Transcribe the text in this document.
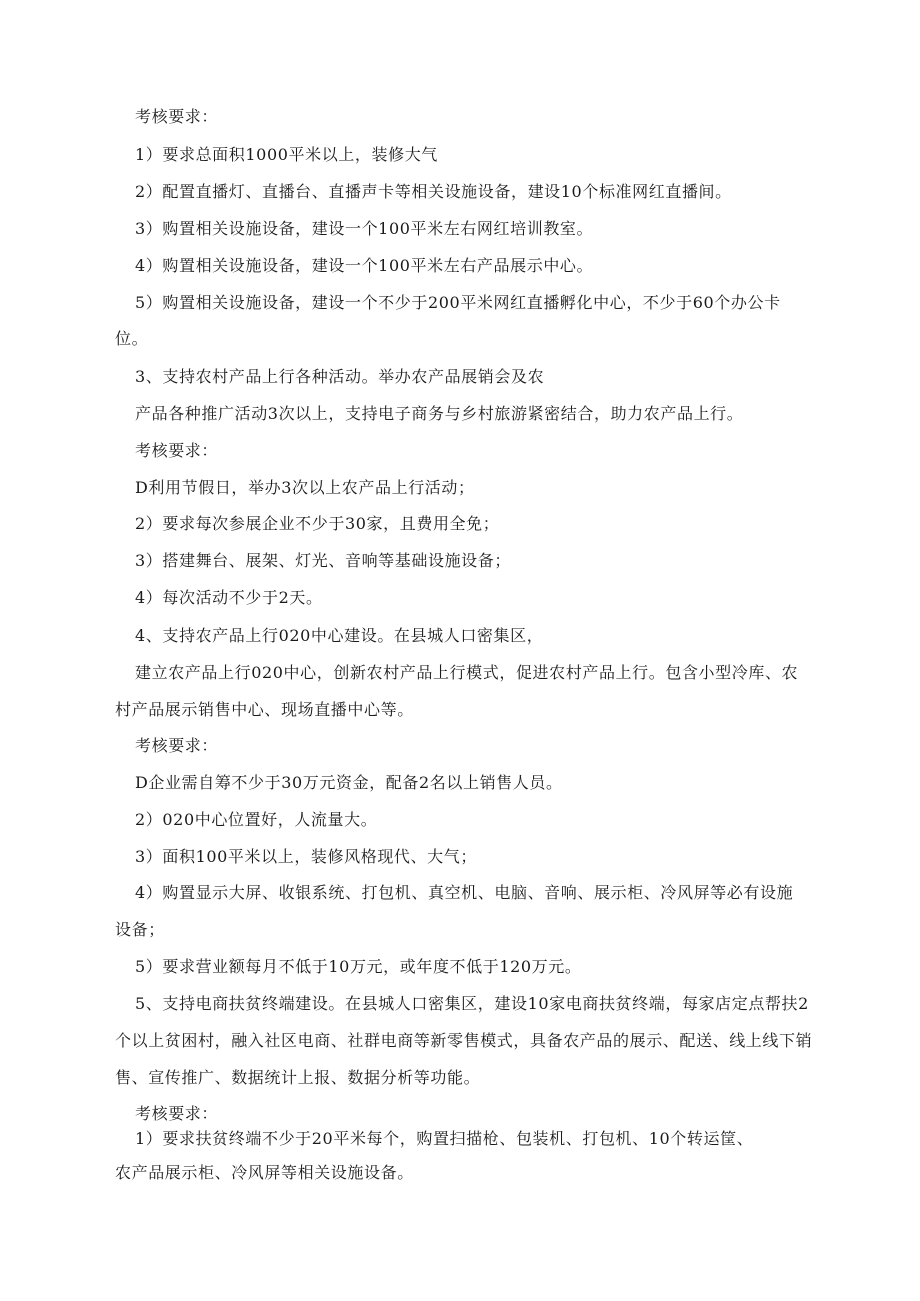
考核要求：
1）要求总面积1000平米以上，装修大气
2）配置直播灯、直播台、直播声卡等相关设施设备，建设10个标准网红直播间。
3）购置相关设施设备，建设一个100平米左右网红培训教室。
4）购置相关设施设备，建设一个100平米左右产品展示中心。
5）购置相关设施设备，建设一个不少于200平米网红直播孵化中心，不少于60个办公卡
位。
3、支持农村产品上行各种活动。举办农产品展销会及农
产品各种推广活动3次以上，支持电子商务与乡村旅游紧密结合，助力农产品上行。
考核要求：
D利用节假日，举办3次以上农产品上行活动；
2）要求每次参展企业不少于30家，且费用全免；
3）搭建舞台、展架、灯光、音响等基础设施设备；
4）每次活动不少于2天。
4、支持农产品上行020中心建设。在县城人口密集区，
建立农产品上行020中心，创新农村产品上行模式，促进农村产品上行。包含小型冷库、农
村产品展示销售中心、现场直播中心等。
考核要求：
D企业需自筹不少于30万元资金，配备2名以上销售人员。
2）020中心位置好，人流量大。
3）面积100平米以上，装修风格现代、大气；
4）购置显示大屏、收银系统、打包机、真空机、电脑、音响、展示柜、冷风屏等必有设施
设备；
5）要求营业额每月不低于10万元，或年度不低于120万元。
5、支持电商扶贫终端建设。在县城人口密集区，建设10家电商扶贫终端，每家店定点帮扶2
个以上贫困村，融入社区电商、社群电商等新零售模式，具备农产品的展示、配送、线上线下销
售、宣传推广、数据统计上报、数据分析等功能。
考核要求：
1）要求扶贫终端不少于20平米每个，购置扫描枪、包装机、打包机、10个转运筐、
农产品展示柜、冷风屏等相关设施设备。
